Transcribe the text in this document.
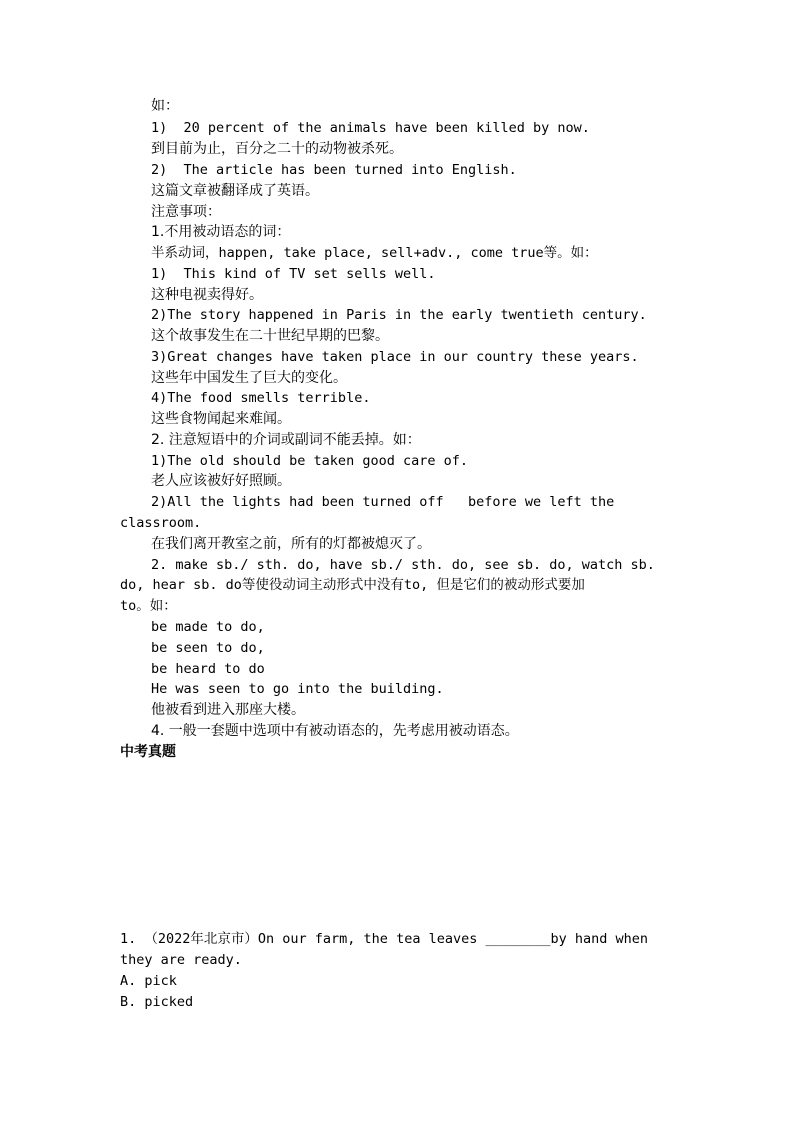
如：
1)  20 percent of the animals have been killed by now.
到目前为止，百分之二十的动物被杀死。
2)  The article has been turned into English.
这篇文章被翻译成了英语。
注意事项：
1.不用被动语态的词：
半系动词，happen, take place, sell+adv., come true等。如：
1)  This kind of TV set sells well.
这种电视卖得好。
2)The story happened in Paris in the early twentieth century.
这个故事发生在二十世纪早期的巴黎。
3)Great changes have taken place in our country these years.
这些年中国发生了巨大的变化。
4)The food smells terrible.
这些食物闻起来难闻。
2. 注意短语中的介词或副词不能丢掉。如：
1)The old should be taken good care of.
老人应该被好好照顾。
2)All the lights had been turned off   before we left the
classroom.
在我们离开教室之前，所有的灯都被熄灭了。
2. make sb./ sth. do, have sb./ sth. do, see sb. do, watch sb.
do, hear sb. do等使役动词主动形式中没有to, 但是它们的被动形式要加
to。如：
be made to do,
be seen to do,
be heard to do
He was seen to go into the building.
他被看到进入那座大楼。
4. 一般一套题中选项中有被动语态的，先考虑用被动语态。
中考真题
1. （2022年北京市）On our farm, the tea leaves ________by hand when
they are ready.
A. pick
B. picked
